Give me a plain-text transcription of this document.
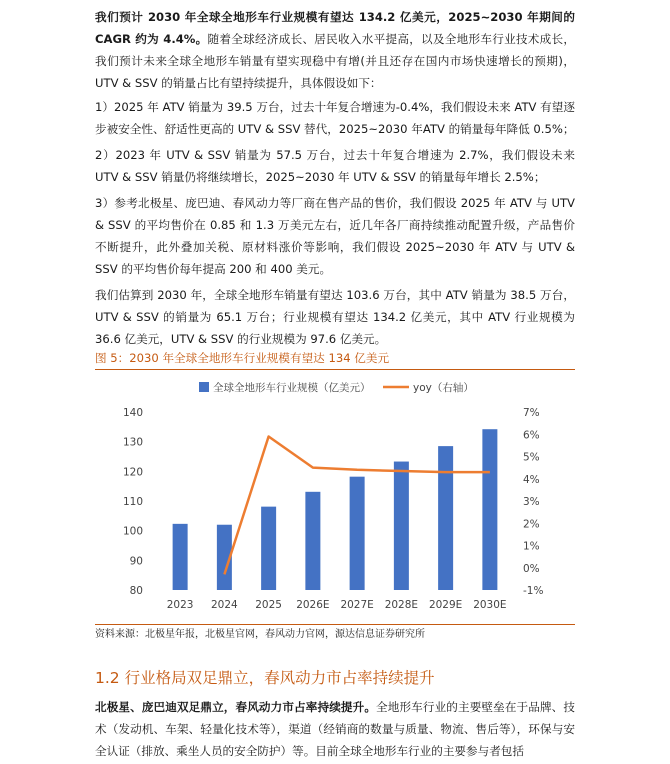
我们预计 2030 年全球全地形车行业规模有望达 134.2 亿美元，2025~2030 年期间的 CAGR 约为 4.4%。随着全球经济成长、居民收入水平提高，以及全地形车行业技术成长，我们预计未来全球全地形车销量有望实现稳中有增(并且还存在国内市场快速增长的预期)，UTV & SSV 的销量占比有望持续提升，具体假设如下：

1）2025 年 ATV 销量为 39.5 万台，过去十年复合增速为-0.4%，我们假设未来 ATV 有望逐步被安全性、舒适性更高的 UTV & SSV 替代，2025~2030 年ATV 的销量每年降低 0.5%；

2）2023 年 UTV & SSV 销量为 57.5 万台，过去十年复合增速为 2.7%，我们假设未来 UTV & SSV 销量仍将继续增长，2025~2030 年 UTV & SSV 的销量每年增长 2.5%；

3）参考北极星、庞巴迪、春风动力等厂商在售产品的售价，我们假设 2025 年 ATV 与 UTV & SSV 的平均售价在 0.85 和 1.3 万美元左右，近几年各厂商持续推动配置升级，产品售价不断提升，此外叠加关税、原材料涨价等影响，我们假设 2025~2030 年 ATV 与 UTV & SSV 的平均售价每年提高 200 和 400 美元。

我们估算到 2030 年，全球全地形车销量有望达 103.6 万台，其中 ATV 销量为 38.5 万台，UTV & SSV 的销量为 65.1 万台；行业规模有望达 134.2 亿美元，其中 ATV 行业规模为 36.6 亿美元，UTV & SSV 的行业规模为 97.6 亿美元。

图 5：2030 年全球全地形车行业规模有望达 134 亿美元
全球全地形车行业规模（亿美元）	yoy（右轴）
140
130
120
110
100
90
80
7%
6%
5%
4%
3%
2%
1%
0%
-1%
2023 2024 2025 2026E 2027E 2028E 2029E 2030E
资料来源：北极星年报，北极星官网，春风动力官网，源达信息证券研究所
1.2 行业格局双足鼎立，春风动力市占率持续提升

北极星、庞巴迪双足鼎立，春风动力市占率持续提升。全地形车行业的主要壁垒在于品牌、技术（发动机、车架、轻量化技术等），渠道（经销商的数量与质量、物流、售后等），环保与安全认证（排放、乘坐人员的安全防护）等。目前全球全地形车行业的主要参与者包括
